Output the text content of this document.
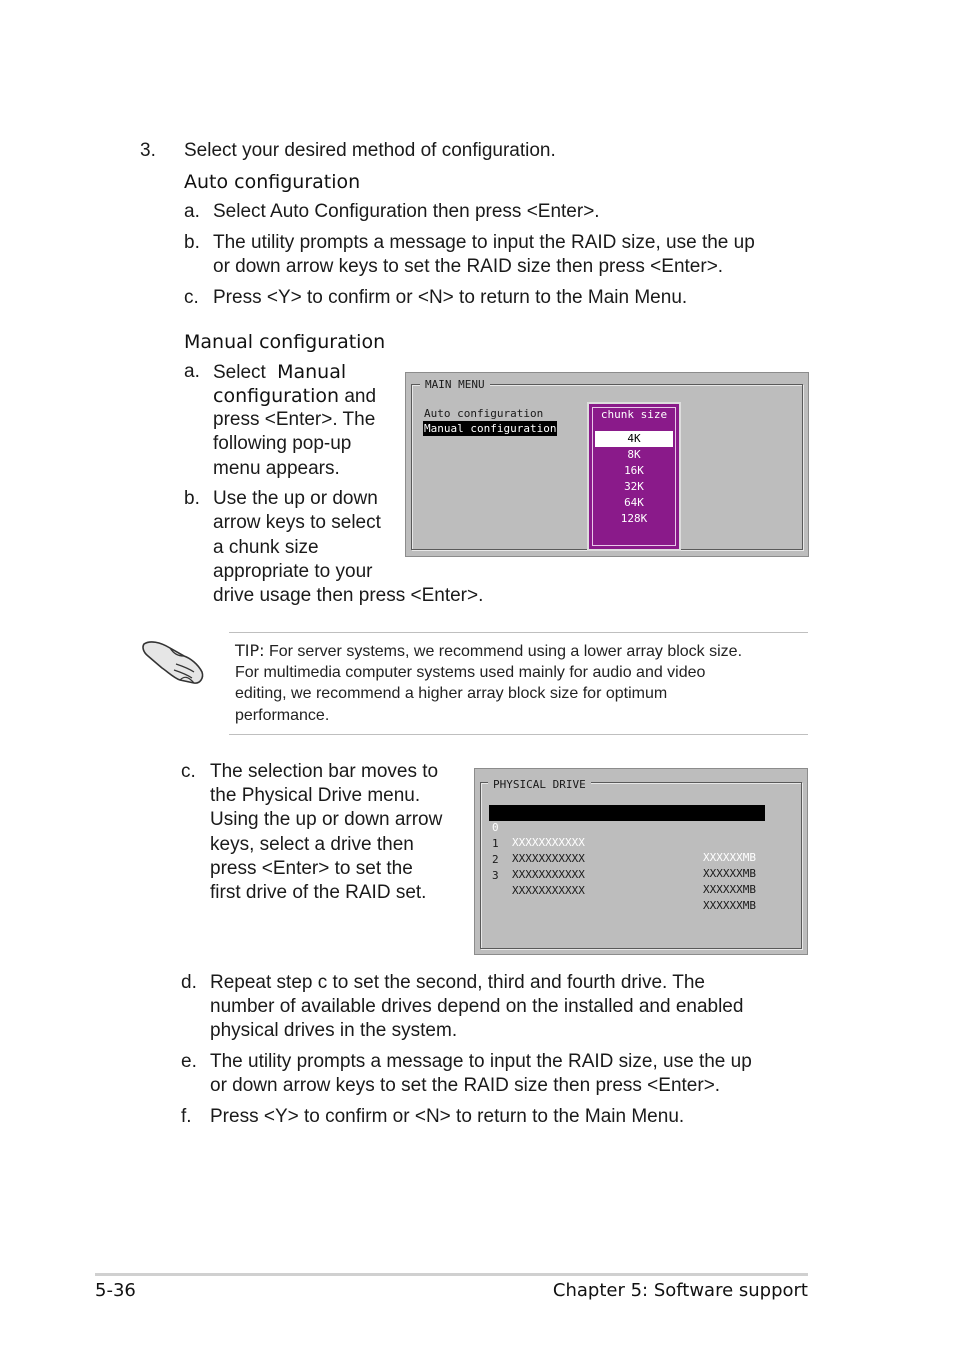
3. Select your desired method of configuration.
Auto configuration
a. Select Auto Configuration then press <Enter>.
b. The utility prompts a message to input the RAID size, use the up
or down arrow keys to set the RAID size then press <Enter>.
c. Press <Y> to confirm or <N> to return to the Main Menu.
Manual configuration
a. Select Manual
configuration and
press <Enter>. The
following pop-up
menu appears.
b. Use the up or down
arrow keys to select
a chunk size
appropriate to your
drive usage then press <Enter>.
MAIN MENU
Auto configuration
Manual configuration
chunk size
4K
8K
16K
32K
64K
128K
TIP: For server systems, we recommend using a lower array block size.
For multimedia computer systems used mainly for audio and video
editing, we recommend a higher array block size for optimum
performance.
c. The selection bar moves to
the Physical Drive menu.
Using the up or down arrow
keys, select a drive then
press <Enter> to set the
first drive of the RAID set.
PHYSICAL DRIVE

0

XXXXXXXXXXX

XXXXXXMB

1

XXXXXXXXXXX

XXXXXXMB

2

XXXXXXXXXXX

XXXXXXMB

3

XXXXXXXXXXX

XXXXXXMB

d. Repeat step c to set the second, third and fourth drive. The
number of available drives depend on the installed and enabled
physical drives in the system.
e. The utility prompts a message to input the RAID size, use the up
or down arrow keys to set the RAID size then press <Enter>.
f. Press <Y> to confirm or <N> to return to the Main Menu.
5-36	Chapter 5: Software support
